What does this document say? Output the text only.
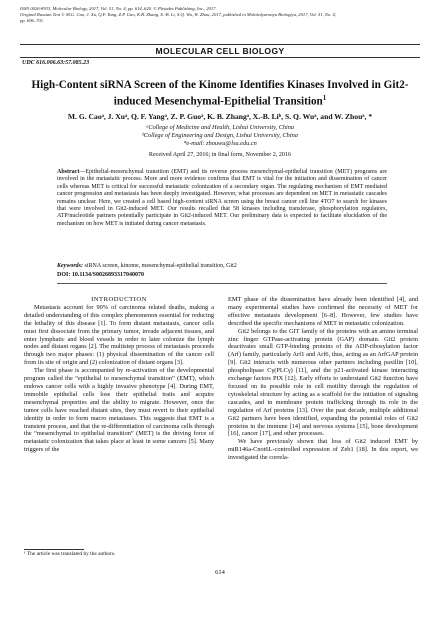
ISSN 0026-8933, Molecular Biology, 2017, Vol. 51, No. 4, pp. 614–620. © Pleiades Publishing, Inc., 2017.
Original Russian Text © M.G. Cao, J. Xu, Q.F. Yang, Z.P. Guo, K.B. Zhang, X.-B. Li, S.Q. Wu, W. Zhou, 2017, published in Molekulyarnaya Biologiya, 2017, Vol. 51, No. 4,
pp. 696–701.
MOLECULAR CELL BIOLOGY
UDC 616.006.63:57.085.23
High-Content siRNA Screen of the Kinome Identifies Kinases Involved in Git2-induced Mesenchymal-Epithelial Transition$^1$
M. G. Caoᵃ, J. Xuᵃ, Q. F. Yangᵃ, Z. P. Guoᵃ, K. B. Zhangᵃ, X.-B. Liᵇ, S. Q. Wuᵃ, and W. Zhouᵃ, *
ᵃCollege of Medicine and Health, Lishui University, China
ᵇCollege of Engineering and Design, Lishui University, China
*e-mail: zhouwu@lsu.edu.cn
Received April 27, 2016; in final form, November 2, 2016
Abstract—Epithelial-mesenchymal transition (EMT) and its reverse process mesenchymal-epithelial transition (MET) programs are involved in the metastatic process. More and more evidence confirms that EMT is vital for the initiation and dissemination of cancer cells whereas MET is critical for successful metastatic colonization of a secondary organ. The regulating mechanism of EMT mediated cancer progression and metastasis has been deeply investigated. However, what processes are dependent on MET in metastatic cascades remains unclear. Here, we created a cell based high-content siRNA screen using the breast cancer cell line 4TO7 to search for kinases that were involved in Git2-induced MET. Our results recalled that 58 kinases including transferase, phosphorylation regulators, ATP/nucleotide partners potentially participate in Git2-induced MET. Our preliminary data is expected to facilitate elucidation of the mechanism on how MET is initiated during cancer metastasis.
Keywords: siRNA screen, kinome, mesenchymal-epithelial transition, Git2
DOI: 10.1134/S0026893317040070

INTRODUCTION

Metastasis account for 90% of carcinoma related deaths, making a detailed understanding of this complex phenomenon essential for reducing the lethality of this disease [1]. To form distant metastasis, cancer cells must first dissociate from the primary tumor, invade adjacent tissues, and enter lymphatic and blood vessels in order to later colonize the lymph nodes and distant organs [2]. The multistep process of metastasis proceeds through two major phases: (1) physical dissemination of the cancer cell from its site of origin and (2) colonization of distant organs [3].

The first phase is accompanied by re-activation of the developmental program called the “epithelial to mesenchymal transition” (EMT), which endows cancer cells with a highly invasive phenotype [4]. During EMT, immobile epithelial cells lose their epithelial traits and acquire mesenchymal properties and the ability to migrate. However, once the tumor cells have reached distant sites, they must revert to their epithelial identity in order to form macro metastases. This suggests that EMT is a transient process, and that the re-differentiation of carcinoma cells through the “mesenchymal to epithelial transition” (MET) is the driving force of metastatic colonization that takes place at least in some cancers [5]. Many triggers of the

EMT phase of the dissemination have already been identified [4], and many experimental studies have confirmed the necessity of MET for effective metastasis development [6–8]. However, few studies have described the specific mechanisms of MET in metastatic colonization.

Git2 belongs to the GIT family of the proteins with an amino terminal zinc finger GTPase-activating protein (GAP) domain. Git2 protein deactivates small GTP-binding proteins of the ADP-ribosylation factor (Arf) family, particularly Arf1 and Arf6, thus, acting as an ArfGAP protein [9]. Git2 interacts with numerous other partners including paxillin [10], phospholipase Cγ(PLCγ) [11], and the p21-activated kinase interacting exchange factors PIX [12]. Early efforts to understand Git2 function have focused on its possible role in cell motility through the regulation of cytoskeletal structure by acting as a scaffold for the initiation of signaling cascades, and in membrane protein trafficking through its role in the regulation of Arf proteins [13]. Over the past decade, multiple additional Git2 partners have been identified, expanding the potential roles of Git2 proteins in the immune [14] and nervous systems [15], bone development [16], cancer [17], and other processes.

We have previously shown that loss of Git2 induced EMT by miR146a-Cnot6L-controlled expression of Zeb1 [18]. In this report, we investigated the correla-

¹ The article was translated by the authors.
614
